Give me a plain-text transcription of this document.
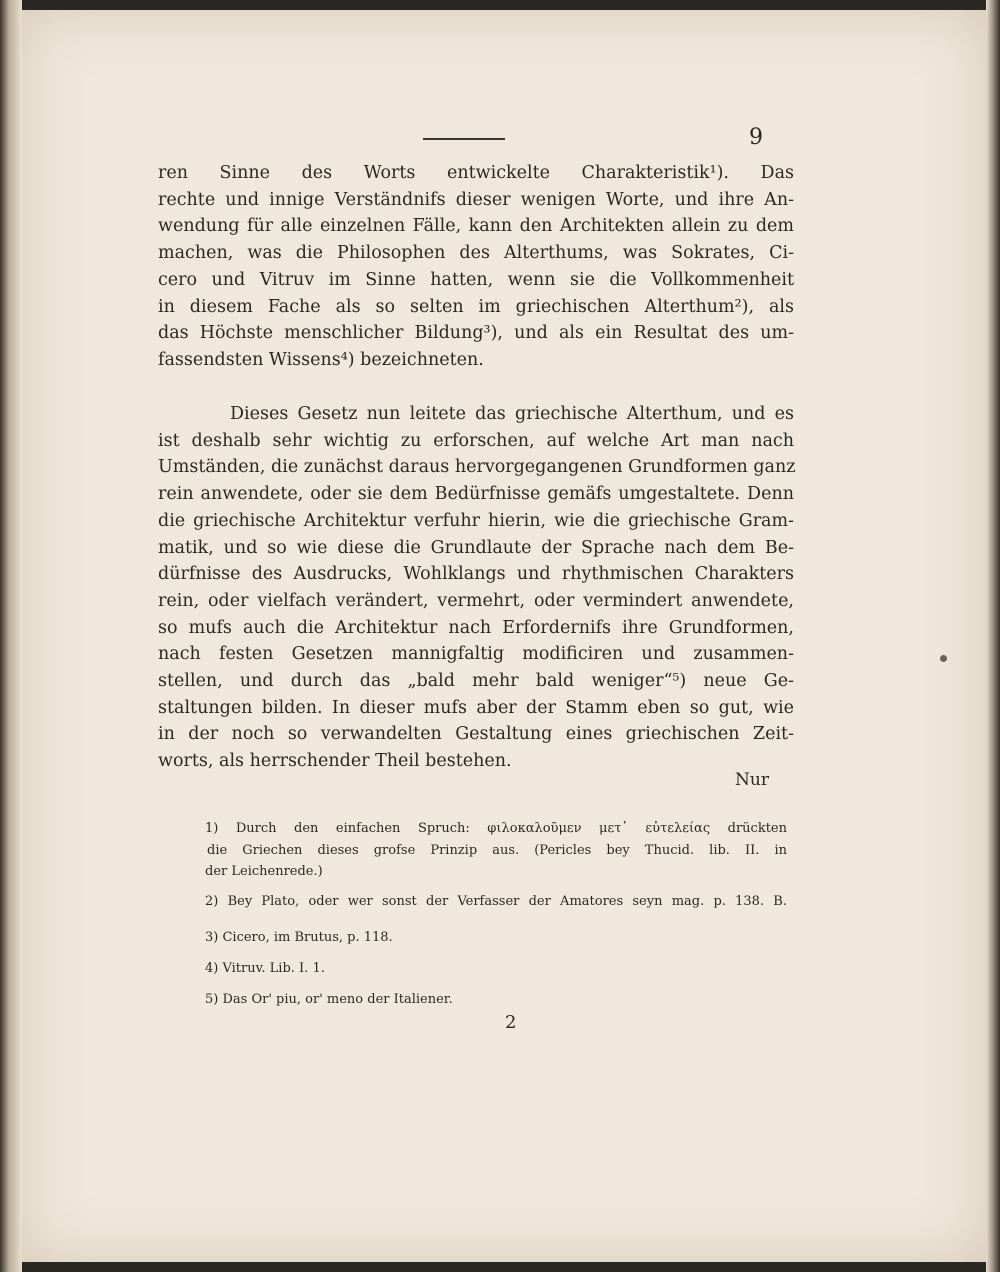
9
ren Sinne des Worts entwickelte Charakteristik¹). Das
rechte und innige Verständnifs dieser wenigen Worte, und ihre An-
wendung für alle einzelnen Fälle, kann den Architekten allein zu dem
machen, was die Philosophen des Alterthums, was Sokrates, Ci-
cero und Vitruv im Sinne hatten, wenn sie die Vollkommenheit
in diesem Fache als so selten im griechischen Alterthum²), als
das Höchste menschlicher Bildung³), und als ein Resultat des um-
fassendsten Wissens⁴) bezeichneten.
Dieses Gesetz nun leitete das griechische Alterthum, und es
ist deshalb sehr wichtig zu erforschen, auf welche Art man nach
Umständen, die zunächst daraus hervorgegangenen Grundformen ganz
rein anwendete, oder sie dem Bedürfnisse gemäfs umgestaltete. Denn
die griechische Architektur verfuhr hierin, wie die griechische Gram-
matik, und so wie diese die Grundlaute der Sprache nach dem Be-
dürfnisse des Ausdrucks, Wohlklangs und rhythmischen Charakters
rein, oder vielfach verändert, vermehrt, oder vermindert anwendete,
so mufs auch die Architektur nach Erfordernifs ihre Grundformen,
nach festen Gesetzen mannigfaltig modificiren und zusammen-
stellen, und durch das „bald mehr bald weniger“⁵) neue Ge-
staltungen bilden. In dieser mufs aber der Stamm eben so gut, wie
in der noch so verwandelten Gestaltung eines griechischen Zeit-
worts, als herrschender Theil bestehen.
Nur
1) Durch den einfachen Spruch: φιλοκαλοῦμεν μετ᾽ εὐτελείας drückten
die Griechen dieses grofse Prinzip aus. (Pericles bey Thucid. lib. II. in
der Leichenrede.)
2) Bey Plato, oder wer sonst der Verfasser der Amatores seyn mag. p. 138. B.
3) Cicero, im Brutus, p. 118.
4) Vitruv. Lib. I. 1.
5) Das Or' piu, or' meno der Italiener.
2
